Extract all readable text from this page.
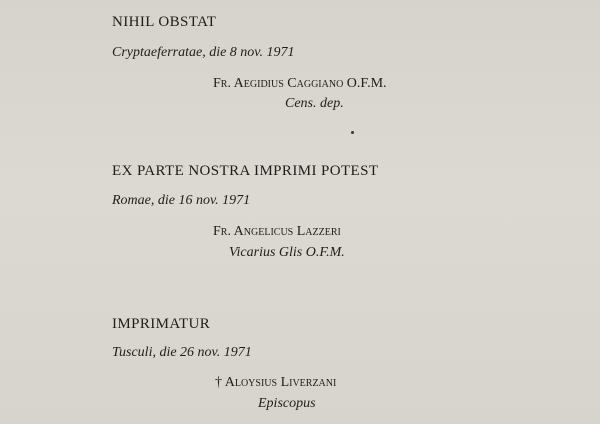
NIHIL OBSTAT
Cryptaeferratae, die 8 nov. 1971
Fr. Aegidius Caggiano O.F.M.
Cens. dep.
EX PARTE NOSTRA IMPRIMI POTEST
Romae, die 16 nov. 1971
Fr. Angelicus Lazzeri
Vicarius Glis O.F.M.
IMPRIMATUR
Tusculi, die 26 nov. 1971
† Aloysius Liverzani
Episcopus
